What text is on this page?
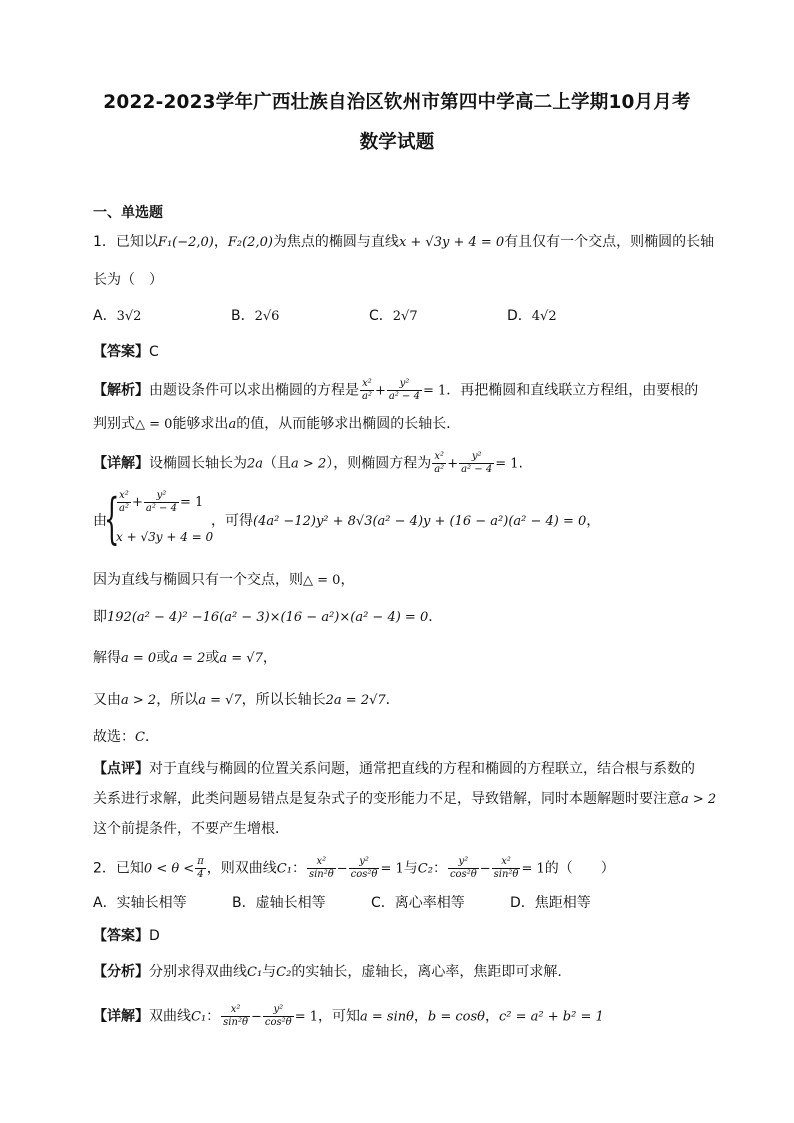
2022-2023学年广西壮族自治区钦州市第四中学高二上学期10月月考
数学试题
一、单选题
1．已知以F₁(−2,0)，F₂(2,0)为焦点的椭圆与直线x + √3y + 4 = 0有且仅有一个交点，则椭圆的长轴
长为（　）
A．3√2	B．2√6	C．2√7	D．4√2
【答案】C
【解析】由题设条件可以求出椭圆的方程是 $\frac{\text{x²}}{\text{a²}} + \frac{\text{y²}}{\text{a² − 4}} = 1$．再把椭圆和直线联立方程组，由要根的
判别式△ = 0能够求出a的值，从而能够求出椭圆的长轴长．
【详解】设椭圆长轴长为2a（且a > 2），则椭圆方程为 $\frac{\text{x²}}{\text{a²}} + \frac{\text{y²}}{\text{a² − 4}} = 1$.
由
{
$\frac{\text{x²}}{\text{a²}} + \frac{\text{y²}}{\text{a² − 4}} = 1$
x + √3y + 4 = 0
，可得(4a² −12)y² + 8√3(a² − 4)y + (16 − a²)(a² − 4) = 0，
因为直线与椭圆只有一个交点，则△ = 0，
即192(a² − 4)² −16(a² − 3)×(16 − a²)×(a² − 4) = 0．
解得a = 0或a = 2或a = √7，
又由a > 2，所以a = √7，所以长轴长2a = 2√7．
故选：C．
【点评】对于直线与椭圆的位置关系问题，通常把直线的方程和椭圆的方程联立，结合根与系数的
关系进行求解，此类问题易错点是复杂式子的变形能力不足，导致错解，同时本题解题时要注意a > 2
这个前提条件，不要产生增根．
2．已知$0 < \theta < \frac{\pi}{4}$ ，则双曲线C₁： $\frac{\text{x²}}{\text{sin²θ}} - \frac{\text{y²}}{\text{cos²θ}} = 1$与C₂： $\frac{\text{y²}}{\text{cos²θ}} - \frac{\text{x²}}{\text{sin²θ}} = 1$的（　　）
A．实轴长相等	B．虚轴长相等	C．离心率相等	D．焦距相等
【答案】D
【分析】分别求得双曲线C₁与C₂的实轴长，虚轴长，离心率，焦距即可求解.
【详解】双曲线C₁： $\frac{\text{x²}}{\text{sin²θ}} - \frac{\text{y²}}{\text{cos²θ}} = 1$，可知a = sinθ，b = cosθ，c² = a² + b² = 1
